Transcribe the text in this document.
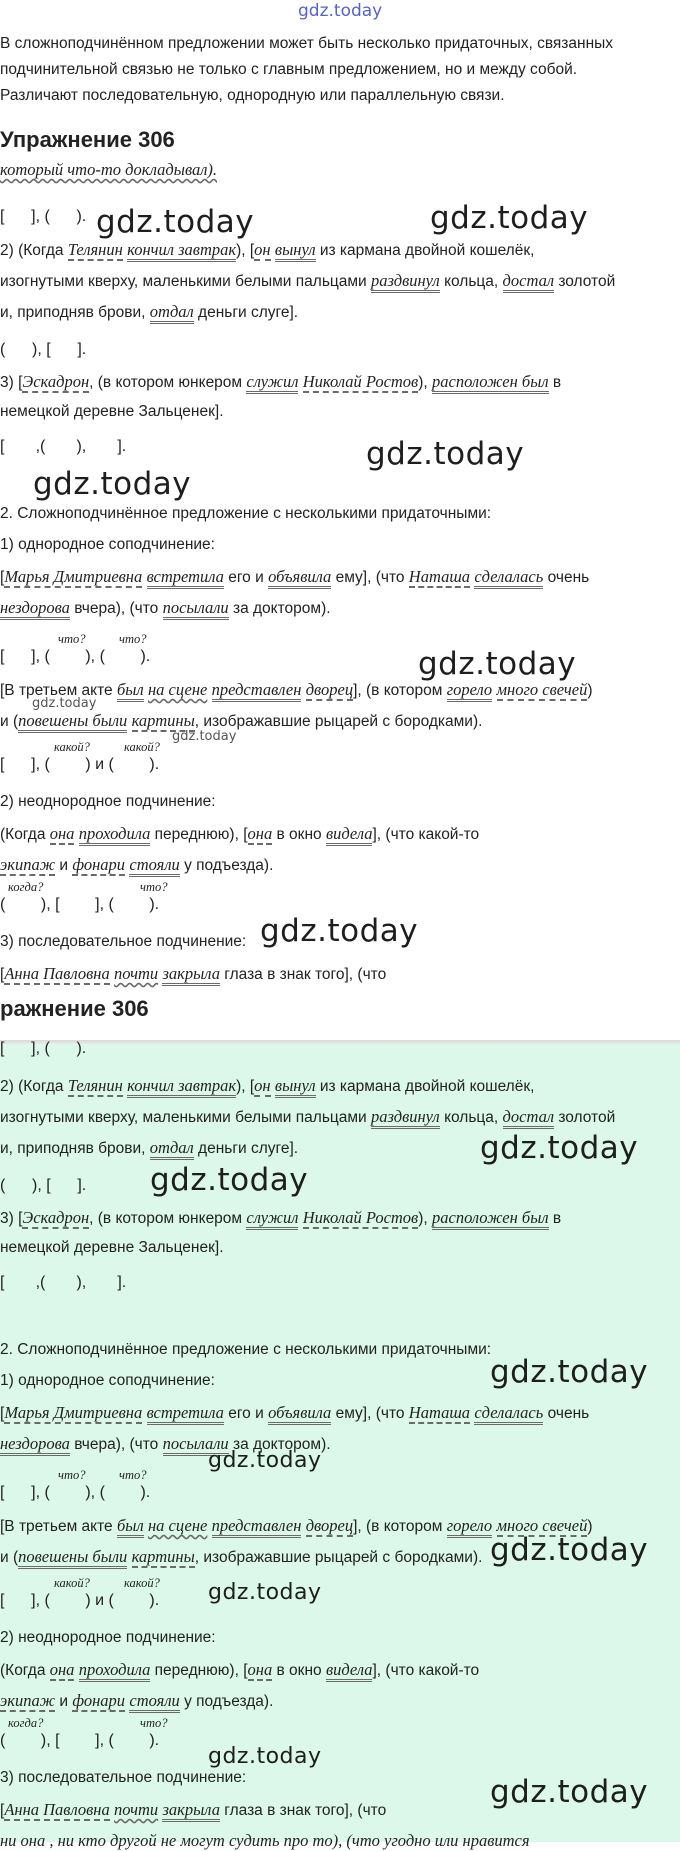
gdz.today

В сложноподчинённом предложении может быть несколько придаточных, связанных

подчинительной связью не только с главным предложением, но и между собой.

Различают последовательную, однородную или параллельную связи.

Упражнение 306
который что-то докладывал).
[      ], (      ).
2) (Когда Телянин кончил завтрак), [он вынул из кармана двойной кошелёк,
изогнутыми кверху, маленькими белыми пальцами раздвинул кольца, достал золотой
и, приподняв брови, отдал деньги слуге].
(      ), [      ].
3) [Эскадрон, (в котором юнкером служил Николай Ростов), расположен был в
немецкой деревне Зальценек].
[       ,(       ),       ].
2. Сложноподчинённое предложение с несколькими придаточными:
1) однородное соподчинение:
[Марья Дмитриевна встретила его и объявила ему], (что Наташа сделалась очень
нездорова вчера), (что посылали за доктором).
что?	что?
[      ], (        ), (        ).
[В третьем акте был на сцене представлен дворец], (в котором горело много свечей)
и (повешены были картины, изображавшие рыцарей с бородками).
какой?	какой?
[      ], (        ) и (        ).
2) неоднородное подчинение:
(Когда она проходила переднюю), [она в окно видела], (что какой-то
экипаж и фонари стояли у подъезда).
когда?	что?
(        ), [        ], (        ).
3) последовательное подчинение:
[Анна Павловна почти закрыла глаза в знак того], (что
gdz.today	gdz.today
gdz.today
gdz.today
gdz.today
gdz.today
gdz.today
gdz.today
ражнение 306
[      ], (      ).
2) (Когда Телянин кончил завтрак), [он вынул из кармана двойной кошелёк,
изогнутыми кверху, маленькими белыми пальцами раздвинул кольца, достал золотой
и, приподняв брови, отдал деньги слуге].
(      ), [      ].
3) [Эскадрон, (в котором юнкером служил Николай Ростов), расположен был в
немецкой деревне Зальценек].
[       ,(       ),       ].
2. Сложноподчинённое предложение с несколькими придаточными:
1) однородное соподчинение:
[Марья Дмитриевна встретила его и объявила ему], (что Наташа сделалась очень
нездорова вчера), (что посылали за доктором).
что?	что?
[      ], (        ), (        ).
[В третьем акте был на сцене представлен дворец], (в котором горело много свечей)
и (повешены были картины, изображавшие рыцарей с бородками).
какой?	какой?
[      ], (        ) и (        ).
2) неоднородное подчинение:
(Когда она проходила переднюю), [она в окно видела], (что какой-то
экипаж и фонари стояли у подъезда).
когда?	что?
(        ), [        ], (        ).
3) последовательное подчинение:
[Анна Павловна почти закрыла глаза в знак того], (что
ни она , ни кто другой не могут судить про то), (что угодно или нравится
gdz.today
gdz.today
gdz.today
gdz.today
gdz.today
gdz.today
gdz.today
gdz.today
